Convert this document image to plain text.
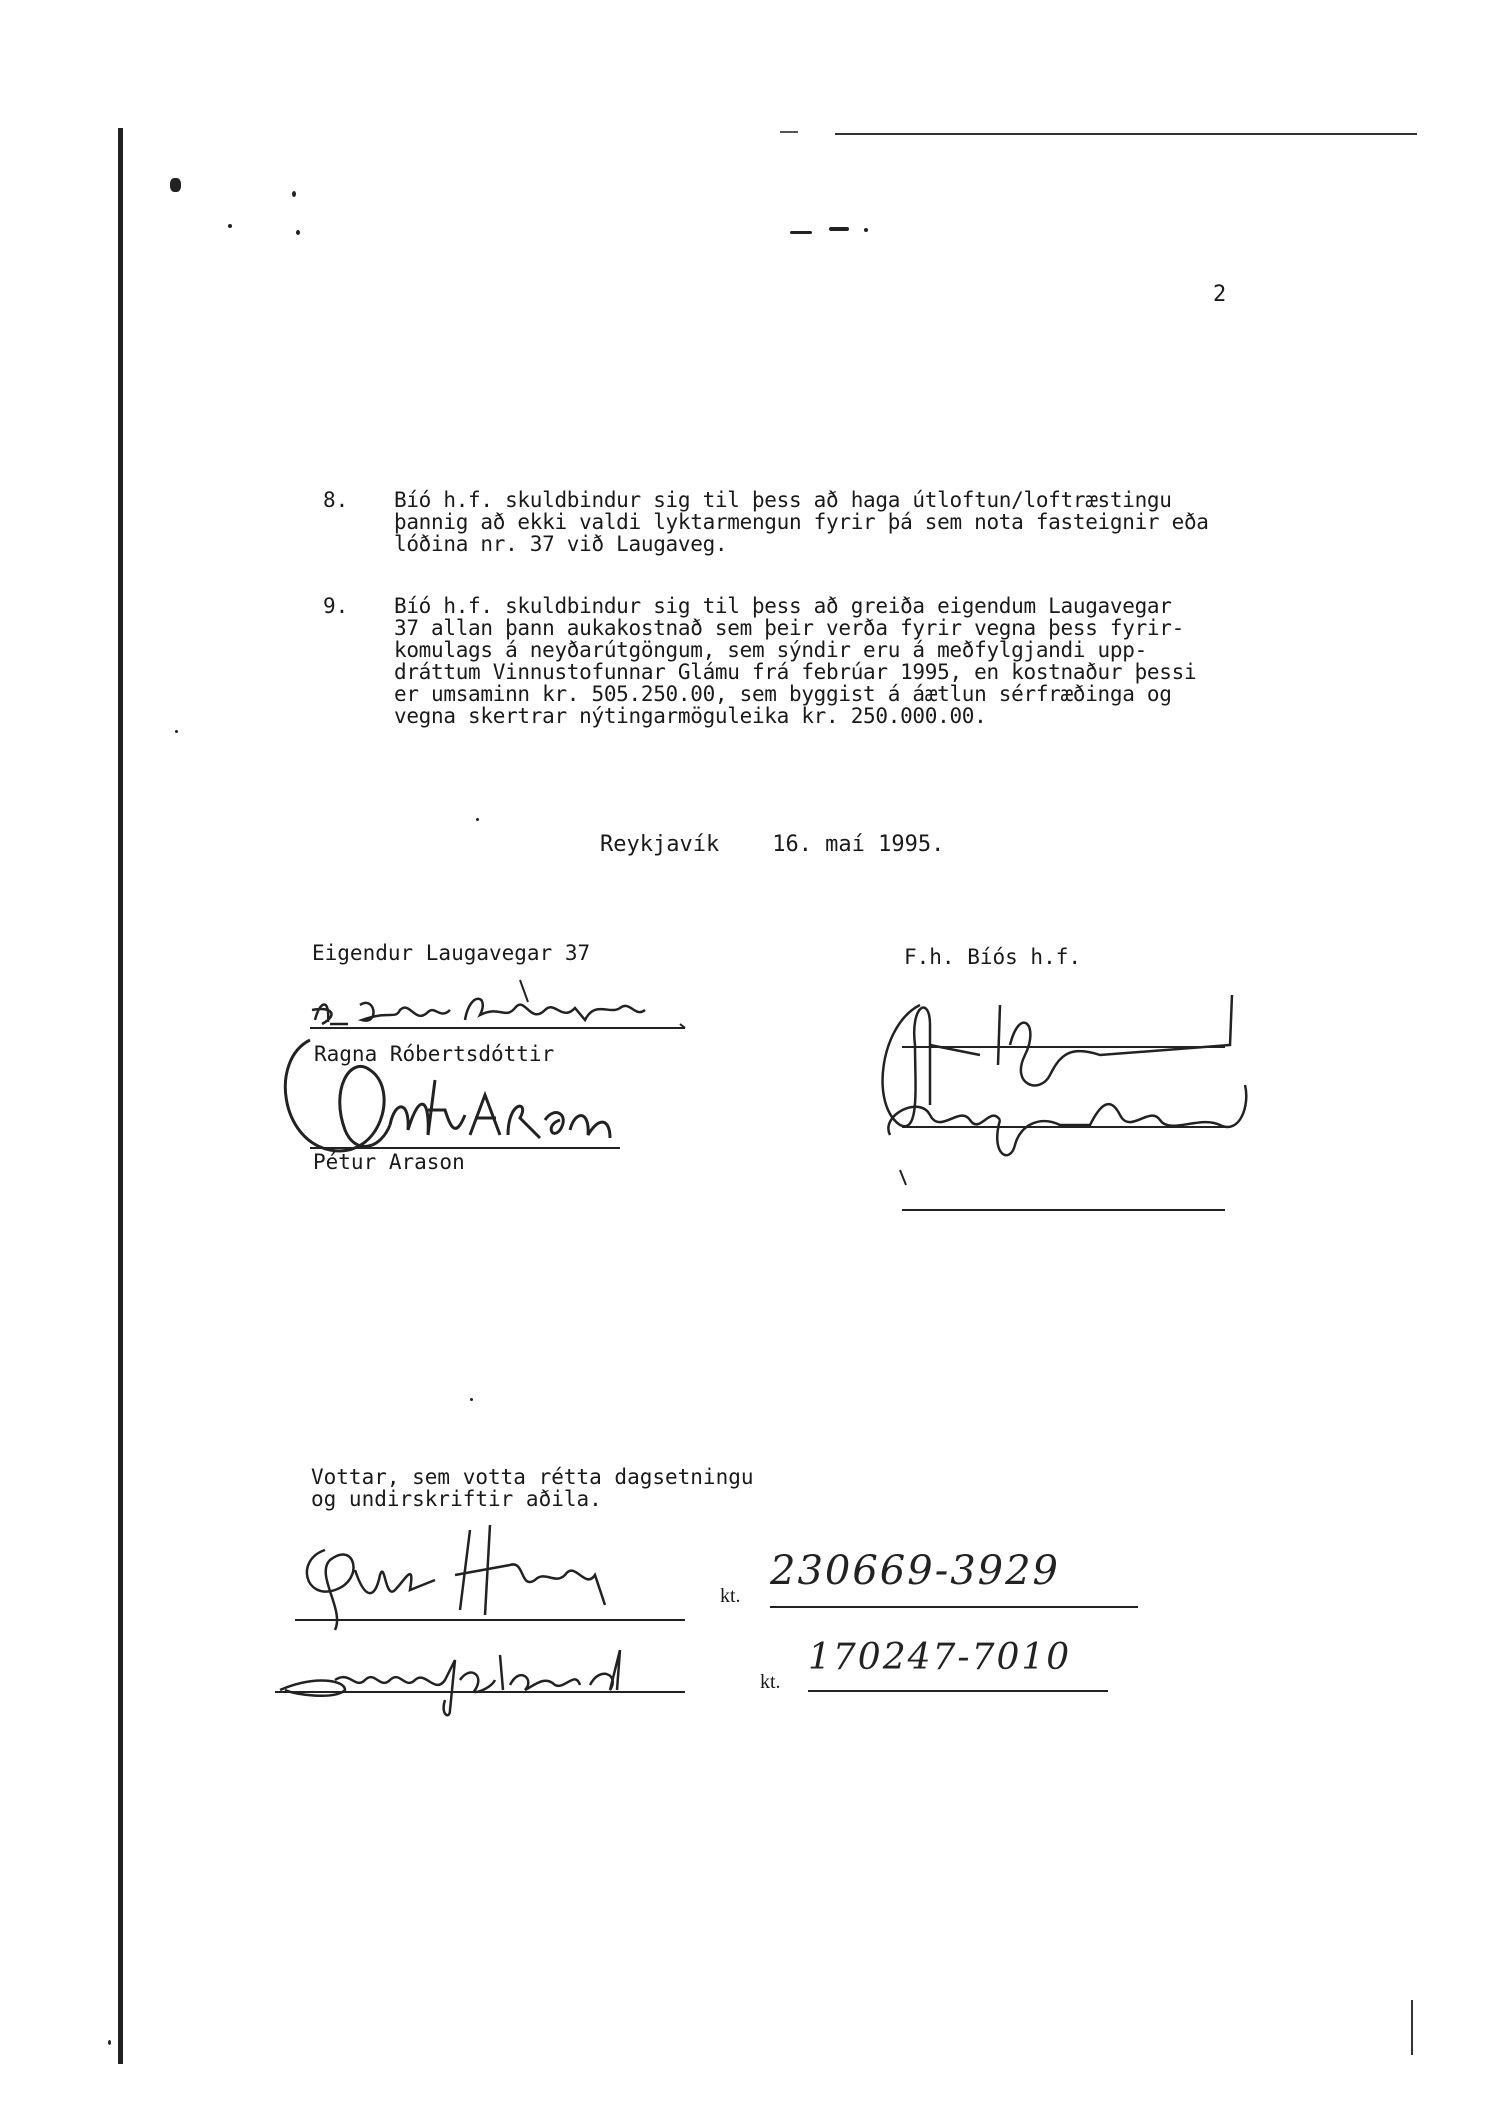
2
8. Bíó h.f. skuldbindur sig til þess að haga útloftun/loftræstingu
þannig að ekki valdi lyktarmengun fyrir þá sem nota fasteignir eða
lóðina nr. 37 við Laugaveg.
9. Bíó h.f. skuldbindur sig til þess að greiða eigendum Laugavegar
37 allan þann aukakostnað sem þeir verða fyrir vegna þess fyrir-
komulags á neyðarútgöngum, sem sýndir eru á meðfylgjandi upp-
dráttum Vinnustofunnar Glámu frá febrúar 1995, en kostnaður þessi
er umsaminn kr. 505.250.00, sem byggist á áætlun sérfræðinga og
vegna skertrar nýtingarmöguleika kr. 250.000.00.
Reykjavík 16. maí 1995.
Eigendur Laugavegar 37
Ragna Róbertsdóttir
Pétur Arason
F.h. Bíós h.f.
Vottar, sem votta rétta dagsetningu
og undirskriftir aðila.
kt.
230669-3929
kt.
170247-7010
